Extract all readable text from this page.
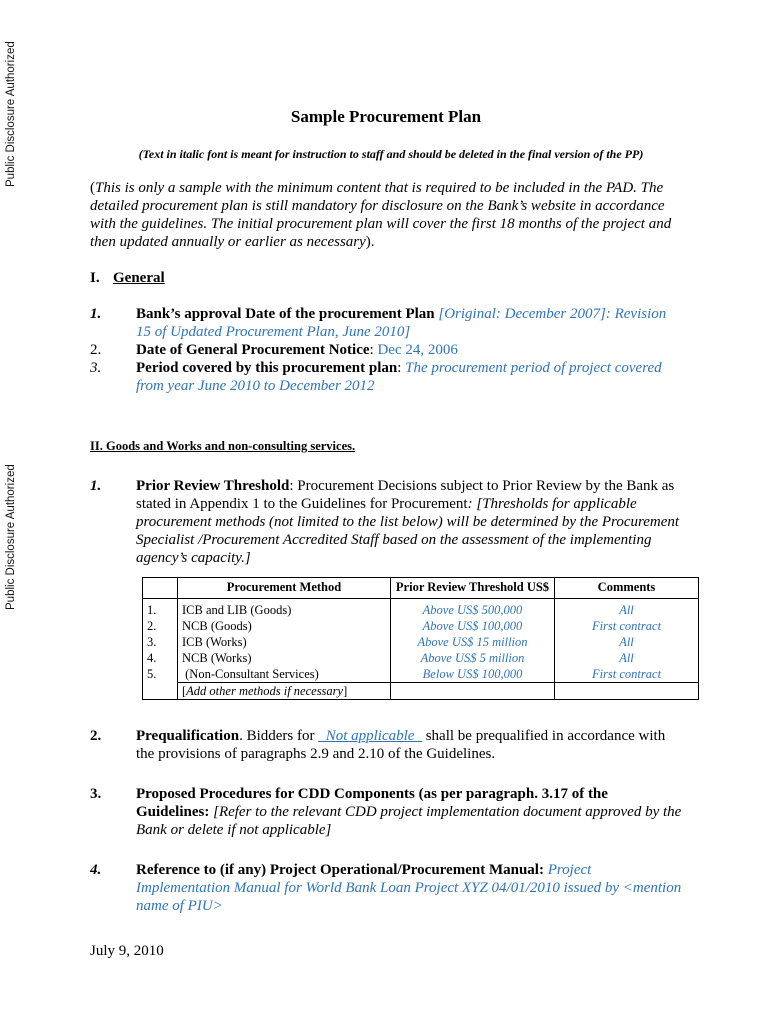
Public Disclosure Authorized
Public Disclosure Authorized
Sample Procurement Plan
(Text in italic font is meant for instruction to staff and should be deleted in the final version of the PP)
(This is only a sample with the minimum content that is required to be included in the PAD. The detailed procurement plan is still mandatory for disclosure on the Bank’s website in accordance with the guidelines. The initial procurement plan will cover the first 18 months of the project and then updated annually or earlier as necessary).
I. General
1.	Bank’s approval Date of the procurement Plan [Original: December 2007]: Revision 15 of Updated Procurement Plan, June 2010]
2.	Date of General Procurement Notice: Dec 24, 2006
3.	Period covered by this procurement plan: The procurement period of project covered from year June 2010 to December 2012
II. Goods and Works and non-consulting services.
1.	Prior Review Threshold: Procurement Decisions subject to Prior Review by the Bank as stated in Appendix 1 to the Guidelines for Procurement: [Thresholds for applicable procurement methods (not limited to the list below) will be determined by the Procurement Specialist /Procurement Accredited Staff based on the assessment of the implementing agency’s capacity.]
	Procurement Method	Prior Review Threshold US$	Comments
1.	ICB and LIB (Goods)	Above US$ 500,000	All
2.	NCB (Goods)	Above US$ 100,000	First contract
3.	ICB (Works)	Above US$ 15 million	All
4.	NCB (Works)	Above US$ 5 million	All
5.	(Non-Consultant Services)	Below US$ 100,000	First contract
	[Add other methods if necessary]		
2.	Prequalification. Bidders for _Not applicable_ shall be prequalified in accordance with the provisions of paragraphs 2.9 and 2.10 of the Guidelines.
3.	Proposed Procedures for CDD Components (as per paragraph. 3.17 of the Guidelines: [Refer to the relevant CDD project implementation document approved by the Bank or delete if not applicable]
4.	Reference to (if any) Project Operational/Procurement Manual: Project Implementation Manual for World Bank Loan Project XYZ 04/01/2010 issued by <mention name of PIU>
July 9, 2010
